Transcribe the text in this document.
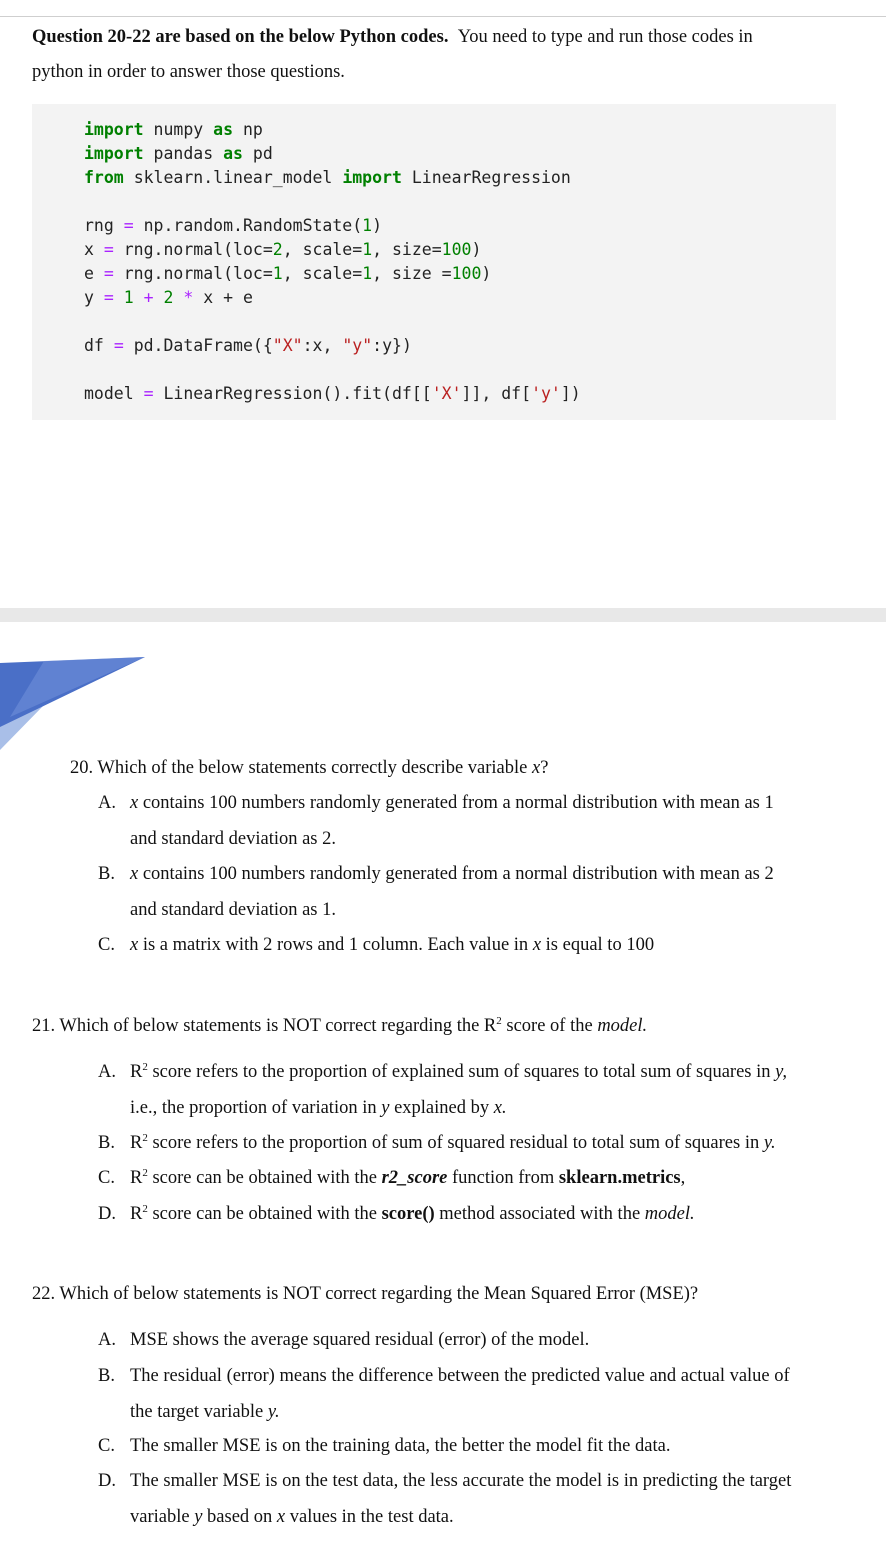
Question 20-22 are based on the below Python codes. You need to type and run those codes in
python in order to answer those questions.
import numpy as np
import pandas as pd
from sklearn.linear_model import LinearRegression

rng = np.random.RandomState(1)
x = rng.normal(loc=2, scale=1, size=100)
e = rng.normal(loc=1, scale=1, size =100)
y = 1 + 2 * x + e

df = pd.DataFrame({"X":x, "y":y})

model = LinearRegression().fit(df[['X']], df['y'])
20. Which of the below statements correctly describe variable x?
A. x contains 100 numbers randomly generated from a normal distribution with mean as 1
and standard deviation as 2.
B. x contains 100 numbers randomly generated from a normal distribution with mean as 2
and standard deviation as 1.
C. x is a matrix with 2 rows and 1 column. Each value in x is equal to 100
21. Which of below statements is NOT correct regarding the $R^2$ score of the model.
A. $R^2$ score refers to the proportion of explained sum of squares to total sum of squares in y,
i.e., the proportion of variation in y explained by x.
B. $R^2$ score refers to the proportion of sum of squared residual to total sum of squares in y.
C. $R^2$ score can be obtained with the r2_score function from sklearn.metrics,
D. $R^2$ score can be obtained with the score() method associated with the model.
22. Which of below statements is NOT correct regarding the Mean Squared Error (MSE)?
A. MSE shows the average squared residual (error) of the model.
B. The residual (error) means the difference between the predicted value and actual value of
the target variable y.
C. The smaller MSE is on the training data, the better the model fit the data.
D. The smaller MSE is on the test data, the less accurate the model is in predicting the target
variable y based on x values in the test data.
